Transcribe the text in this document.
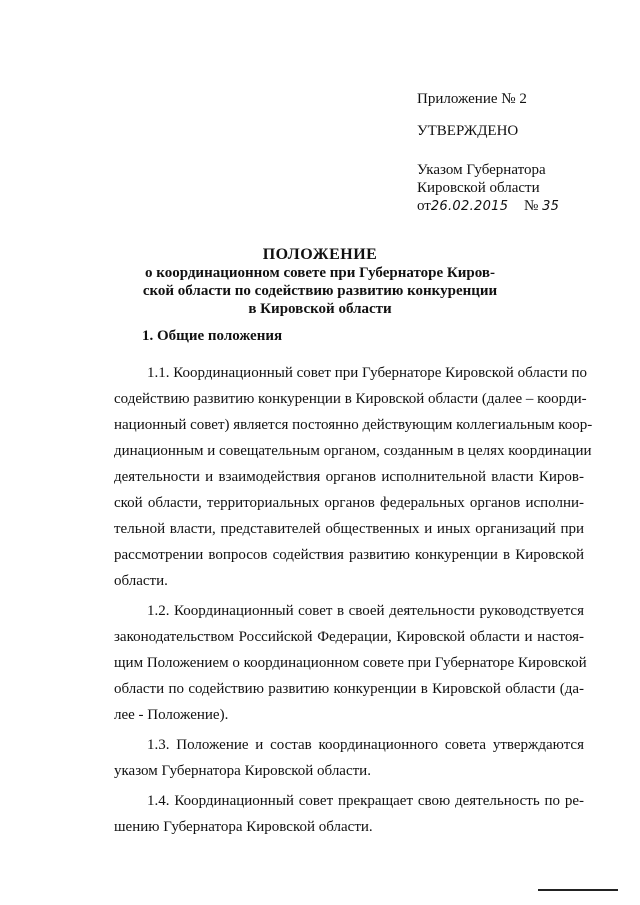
Приложение № 2
УТВЕРЖДЕНО
Указом Губернатора
Кировской области
от26.02.2015 № 35
ПОЛОЖЕНИЕ
о координационном совете при Губернаторе Киров-
ской области по содействию развитию конкуренции
в Кировской области
1. Общие положения

1.1. Координационный совет при Губернаторе Кировской области по
содействию развитию конкуренции в Кировской области (далее – коорди-
национный совет) является постоянно действующим коллегиальным коор-
динационным и совещательным органом, созданным в целях координации
деятельности и взаимодействия органов исполнительной власти Киров-
ской области, территориальных органов федеральных органов исполни-
тельной власти, представителей общественных и иных организаций при
рассмотрении вопросов содействия развитию конкуренции в Кировской
области.

1.2. Координационный совет в своей деятельности руководствуется
законодательством Российской Федерации, Кировской области и настоя-
щим Положением о координационном совете при Губернаторе Кировской
области по содействию развитию конкуренции в Кировской области (да-
лее - Положение).

1.3. Положение и состав координационного совета утверждаются
указом Губернатора Кировской области.

1.4. Координационный совет прекращает свою деятельность по ре-
шению Губернатора Кировской области.
